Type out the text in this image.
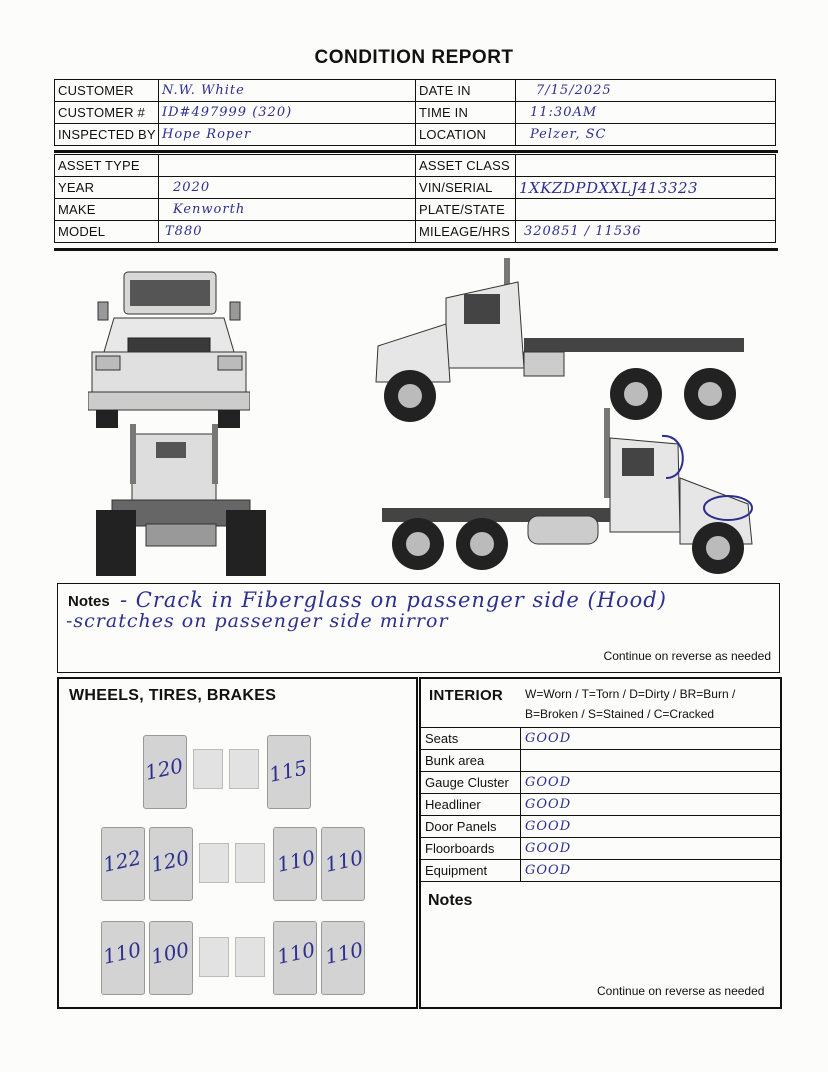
CONDITION REPORT
CUSTOMER	N.W. White	DATE IN	7/15/2025
CUSTOMER #	ID#497999 (320)	TIME IN	11:30AM
INSPECTED BY	Hope Roper	LOCATION	Pelzer, SC
ASSET TYPE		ASSET CLASS	
YEAR	2020	VIN/SERIAL	1XKZDPDXXLJ413323
MAKE	Kenworth	PLATE/STATE	
MODEL	T880	MILEAGE/HRS	320851 / 11536
Notes - Crack in Fiberglass on passenger side (Hood)
-scratches on passenger side mirror
Continue on reverse as needed
WHEELS, TIRES, BRAKES
120	115
122 120	110 110
110 100	110 110
INTERIOR W=Worn / T=Torn / D=Dirty / BR=Burn /
B=Broken / S=Stained / C=Cracked
Seats	GOOD
Bunk area	
Gauge Cluster	GOOD
Headliner	GOOD
Door Panels	GOOD
Floorboards	GOOD
Equipment	GOOD
Notes
Continue on reverse as needed
